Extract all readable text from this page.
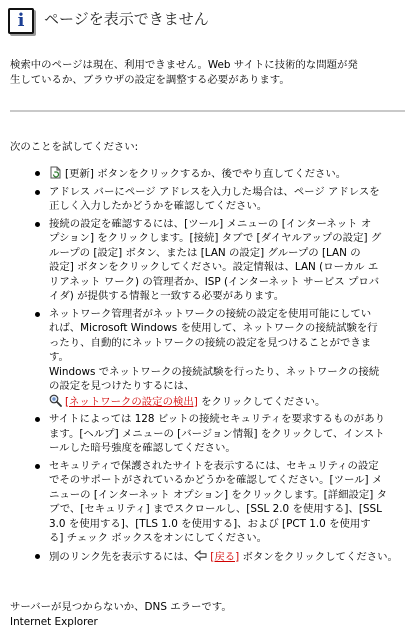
i	ページを表示できません
検索中のページは現在、利用できません。Web サイトに技術的な問題が発
生しているか、ブラウザの設定を調整する必要があります。
次のことを試してください:
[更新] ボタンをクリックするか、後でやり直してください。
アドレス バーにページ アドレスを入力した場合は、ページ アドレスを
正しく入力したかどうかを確認してください。
接続の設定を確認するには、[ツール] メニューの [インターネット オ
プション] をクリックします。[接続] タブで [ダイヤルアップの設定] グ
ループの [設定] ボタン、または [LAN の設定] グループの [LAN の
設定] ボタンをクリックしてください。設定情報は、LAN (ローカル エ
リアネット ワーク) の管理者か、ISP (インターネット サービス プロバ
イダ) が提供する情報と一致する必要があります。
ネットワーク管理者がネットワークの接続の設定を使用可能にしてい
れば、Microsoft Windows を使用して、ネットワークの接続試験を行
ったり、自動的にネットワークの接続の設定を見つけることができま
す。
Windows でネットワークの接続試験を行ったり、ネットワークの接続
の設定を見つけたりするには、
[ネットワークの設定の検出] をクリックしてください。
サイトによっては 128 ビットの接続セキュリティを要求するものがあり
ます。[ヘルプ] メニューの [バージョン情報] をクリックして、インスト
ールした暗号強度を確認してください。
セキュリティで保護されたサイトを表示するには、セキュリティの設定
でそのサポートがされているかどうかを確認してください。[ツール] メ
ニューの [インターネット オプション] をクリックします。[詳細設定] タ
ブで、[セキュリティ] までスクロールし、[SSL 2.0 を使用する]、[SSL
3.0 を使用する]、[TLS 1.0 を使用する]、および [PCT 1.0 を使用す
る] チェック ボックスをオンにしてください。
別のリンク先を表示するには、 [戻る] ボタンをクリックしてください。
サーバーが見つからないか、DNS エラーです。
Internet Explorer
